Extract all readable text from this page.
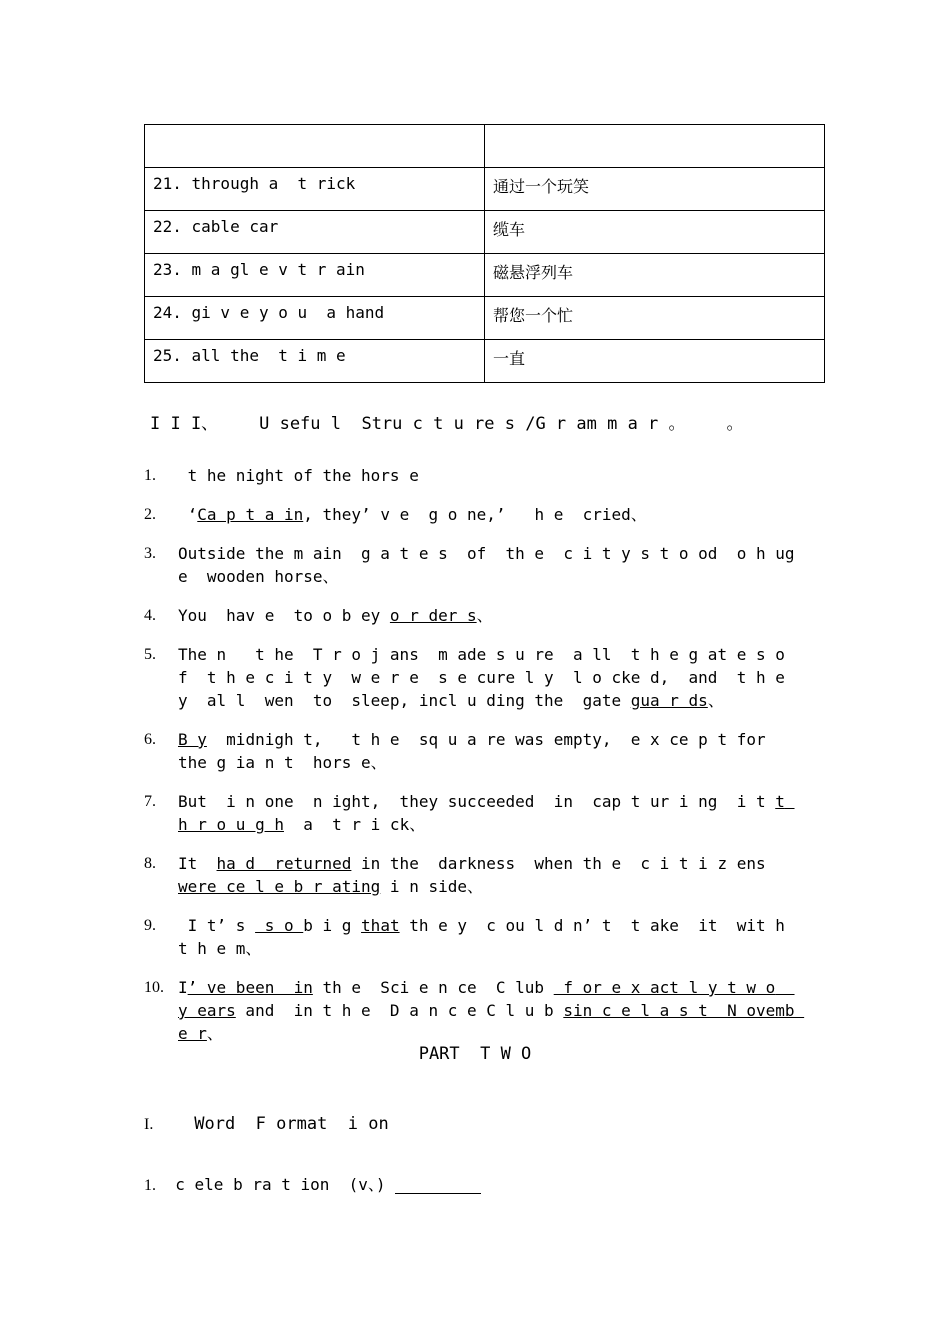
21. through a  t rick	通过一个玩笑
22. cable car	缆车
23. m a gl e v t r ain	磁悬浮列车
24. gi v e y o u  a hand	帮您一个忙
25. all the  t i m e	一直
I I I、    U sefu l  Stru c t u re s /G r am m a r 。    。
1. t he night of the hors e
2. ‘Ca p t a in, they’ v e  g o ne,’   h e  cried、
3. Outside the m ain  g a t e s  of  th e  c i t y s t o od  o h ug e  wooden horse、
4. You  hav e  to o b ey o r der s、
5. The n   t he  T r o j ans  m ade s u re  a ll  t h e g at e s o f  t h e c i t y  w e r e  s e cure l y  l o cke d,  and  t h e y  al l  wen  to  sleep, incl u ding the  gate gua r ds、
6. B y  midnigh t,   t h e  sq u a re was empty,  e x ce p t for the g ia n t  hors e、
7. But  i n one  n ight,  they succeeded  in  cap t ur i ng  i t t h r o u g h  a  t r i ck、
8. It  ha d  returned in the  darkness  when th e  c i t i z ens were ce l e b r ating i n side、
9. I t’ s  s o b i g that th e y  c ou l d n’ t  t ake  it  wit h   t h e m、
10. I’ ve been  in th e  Sci e n ce  C lub  f or e x act l y t w o  y ears and  in t h e  D a n c e C l u b sin c e l a s t  N ovemb e r、
PART  T W O
I.    Word  F ormat  i on
1.  c ele b ra t ion  (v、)
